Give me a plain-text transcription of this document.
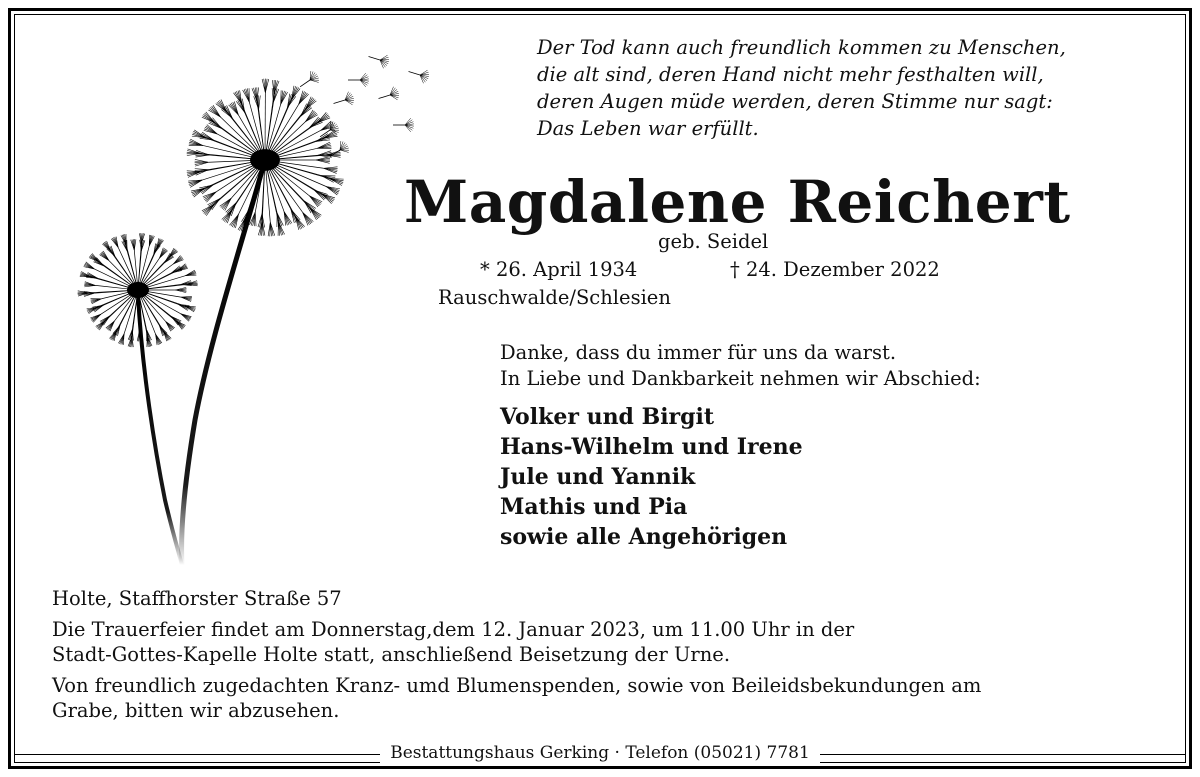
Der Tod kann auch freundlich kommen zu Menschen,
die alt sind, deren Hand nicht mehr festhalten will,
deren Augen müde werden, deren Stimme nur sagt:
Das Leben war erfüllt.
Magdalene Reichert
geb. Seidel
* 26. April 1934	† 24. Dezember 2022
Rauschwalde/Schlesien
Danke, dass du immer für uns da warst.
In Liebe und Dankbarkeit nehmen wir Abschied:
Volker und Birgit
Hans-Wilhelm und Irene
Jule und Yannik
Mathis und Pia
sowie alle Angehörigen
Holte, Staffhorster Straße 57
Die Trauerfeier findet am Donnerstag,dem 12. Januar 2023, um 11.00 Uhr in der
Stadt-Gottes-Kapelle Holte statt, anschließend Beisetzung der Urne.
Von freundlich zugedachten Kranz- umd Blumenspenden, sowie von Beileidsbekundungen am
Grabe, bitten wir abzusehen.
Bestattungshaus Gerking · Telefon (05021) 7781
